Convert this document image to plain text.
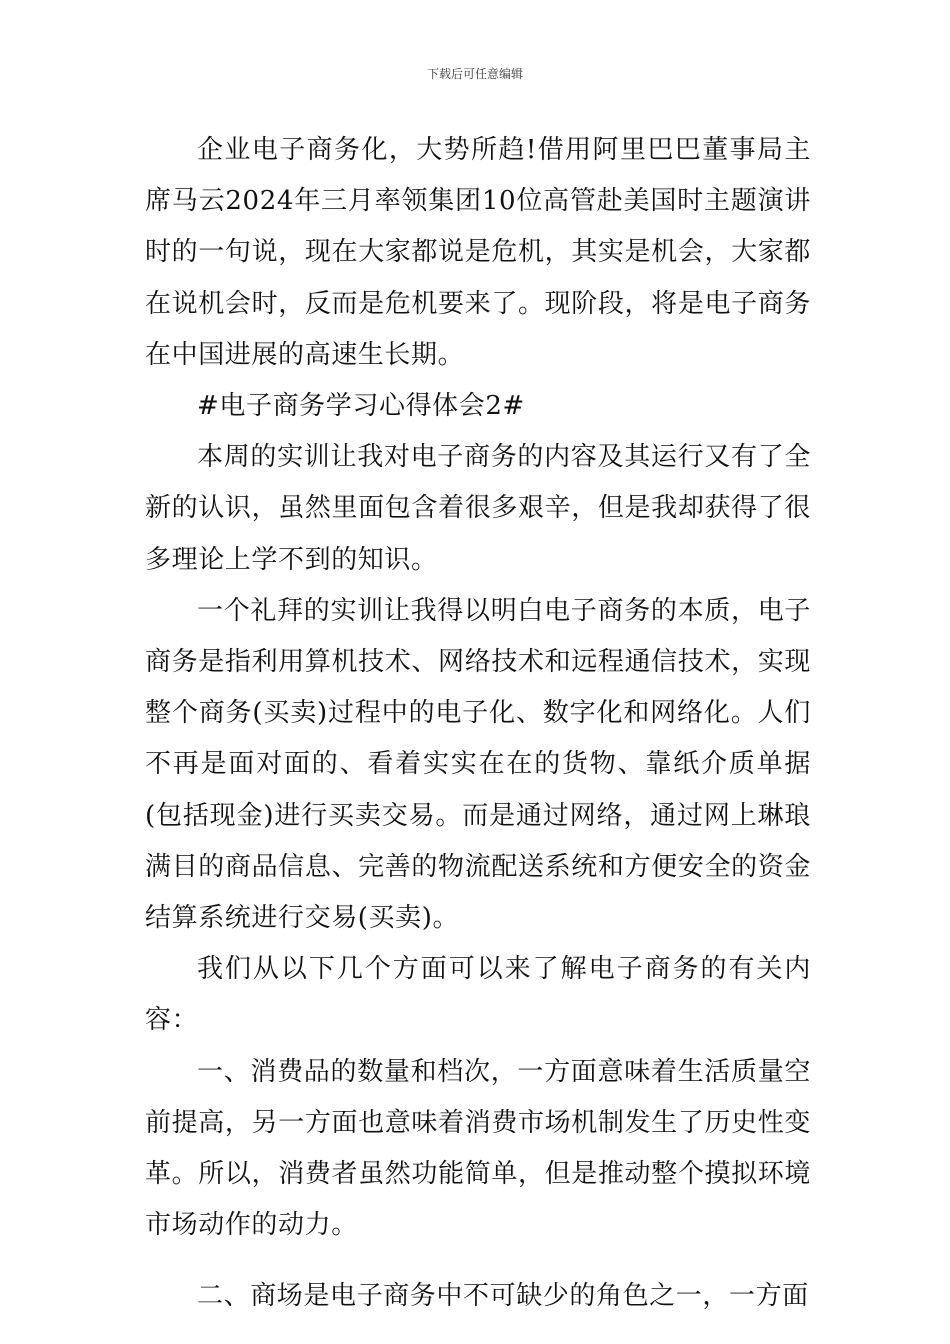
下载后可任意编辑

企业电子商务化，大势所趋!借用阿里巴巴董事局主席马云2024年三月率领集团10位高管赴美国时主题演讲时的一句说，现在大家都说是危机，其实是机会，大家都在说机会时，反而是危机要来了。现阶段，将是电子商务在中国进展的高速生长期。

#电子商务学习心得体会2#

本周的实训让我对电子商务的内容及其运行又有了全新的认识，虽然里面包含着很多艰辛，但是我却获得了很多理论上学不到的知识。

一个礼拜的实训让我得以明白电子商务的本质，电子商务是指利用算机技术、网络技术和远程通信技术，实现整个商务(买卖)过程中的电子化、数字化和网络化。人们不再是面对面的、看着实实在在的货物、靠纸介质单据(包括现金)进行买卖交易。而是通过网络，通过网上琳琅满目的商品信息、完善的物流配送系统和方便安全的资金结算系统进行交易(买卖)。

我们从以下几个方面可以来了解电子商务的有关内容：

一、消费品的数量和档次，一方面意味着生活质量空前提高，另一方面也意味着消费市场机制发生了历史性变革。所以，消费者虽然功能简单，但是推动整个摸拟环境市场动作的动力。

二、商场是电子商务中不可缺少的角色之一，一方面
